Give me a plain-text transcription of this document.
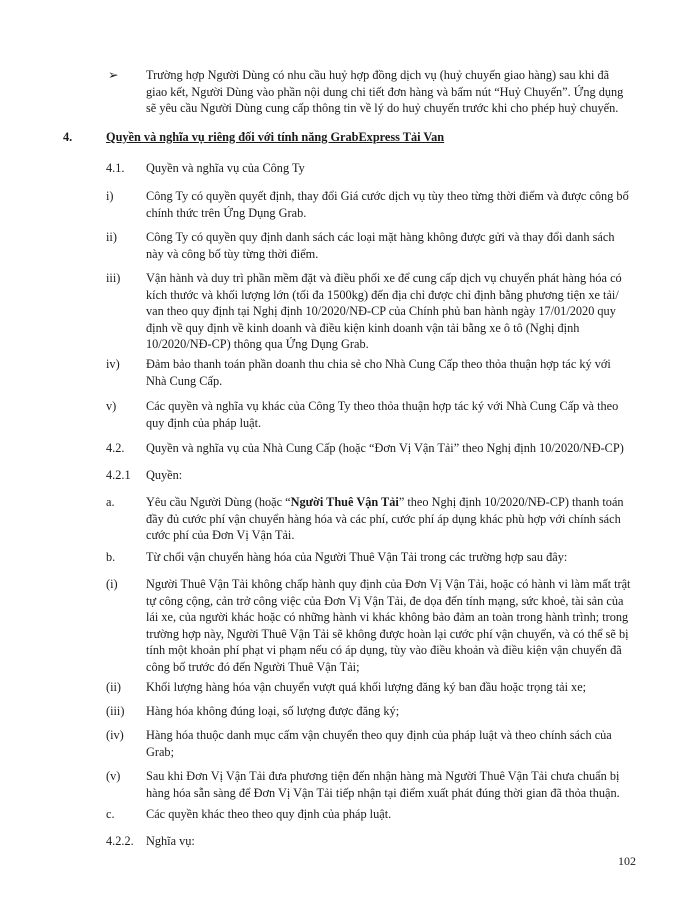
➢ Trường hợp Người Dùng có nhu cầu huỷ hợp đồng dịch vụ (huỷ chuyến giao hàng) sau khi đã giao kết, Người Dùng vào phần nội dung chi tiết đơn hàng và bấm nút “Huỷ Chuyến”. Ứng dụng sẽ yêu cầu Người Dùng cung cấp thông tin về lý do huỷ chuyến trước khi cho phép huỷ chuyến.
4.	Quyền và nghĩa vụ riêng đối với tính năng GrabExpress Tải Van
4.1. Quyền và nghĩa vụ của Công Ty
i)	Công Ty có quyền quyết định, thay đổi Giá cước dịch vụ tùy theo từng thời điểm và được công bố chính thức trên Ứng Dụng Grab.
ii) Công Ty có quyền quy định danh sách các loại mặt hàng không được gửi và thay đổi danh sách này và công bố tùy từng thời điểm.
iii) Vận hành và duy trì phần mềm đặt và điều phối xe để cung cấp dịch vụ chuyển phát hàng hóa có kích thước và khối lượng lớn (tối đa 1500kg) đến địa chỉ được chỉ định bằng phương tiện xe tải/ van theo quy định tại Nghị định 10/2020/NĐ-CP của Chính phủ ban hành ngày 17/01/2020 quy định về quy định về kinh doanh và điều kiện kinh doanh vận tải bằng xe ô tô (Nghị định 10/2020/NĐ-CP) thông qua Ứng Dụng Grab.
iv) Đảm bảo thanh toán phần doanh thu chia sẻ cho Nhà Cung Cấp theo thỏa thuận hợp tác ký với Nhà Cung Cấp.
v) Các quyền và nghĩa vụ khác của Công Ty theo thỏa thuận hợp tác ký với Nhà Cung Cấp và theo quy định của pháp luật.
4.2. Quyền và nghĩa vụ của Nhà Cung Cấp (hoặc “Đơn Vị Vận Tải” theo Nghị định 10/2020/NĐ-CP)
4.2.1 Quyền:
a.	Yêu cầu Người Dùng (hoặc “Người Thuê Vận Tải” theo Nghị định 10/2020/NĐ-CP) thanh toán đầy đủ cước phí vận chuyển hàng hóa và các phí, cước phí áp dụng khác phù hợp với chính sách cước phí của Đơn Vị Vận Tải.
b.	Từ chối vận chuyển hàng hóa của Người Thuê Vận Tải trong các trường hợp sau đây:
(i) Người Thuê Vận Tải không chấp hành quy định của Đơn Vị Vận Tải, hoặc có hành vi làm mất trật tự công cộng, cản trở công việc của Đơn Vị Vận Tải, đe dọa đến tính mạng, sức khoẻ, tài sản của lái xe, của người khác hoặc có những hành vi khác không bảo đảm an toàn trong hành trình; trong trường hợp này, Người Thuê Vận Tải sẽ không được hoàn lại cước phí vận chuyển, và có thể sẽ bị tính một khoản phí phạt vi phạm nếu có áp dụng, tùy vào điều khoản và điều kiện vận chuyển đã công bố trước đó đến Người Thuê Vận Tải;
(ii) Khối lượng hàng hóa vận chuyển vượt quá khối lượng đăng ký ban đầu hoặc trọng tải xe;
(iii) Hàng hóa không đúng loại, số lượng được đăng ký;
(iv) Hàng hóa thuộc danh mục cấm vận chuyển theo quy định của pháp luật và theo chính sách của Grab;
(v) Sau khi Đơn Vị Vận Tải đưa phương tiện đến nhận hàng mà Người Thuê Vận Tải chưa chuẩn bị hàng hóa sẵn sàng để Đơn Vị Vận Tải tiếp nhận tại điểm xuất phát đúng thời gian đã thỏa thuận.
c.	Các quyền khác theo theo quy định của pháp luật.
4.2.2. Nghĩa vụ:
102
